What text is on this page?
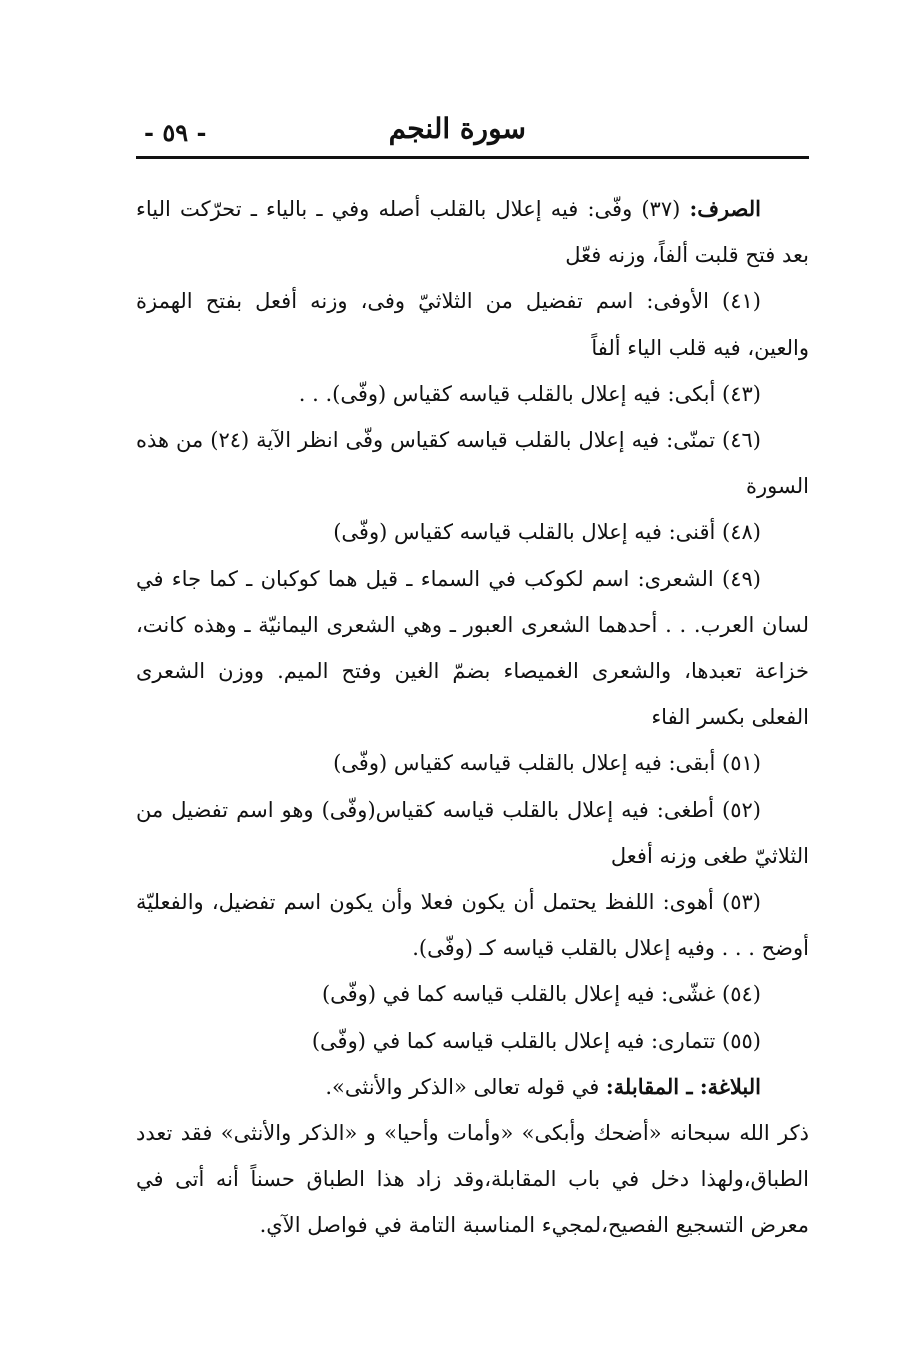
سورة النجم
- ٥٩ -

الصرف: (٣٧) وفّى: فيه إعلال بالقلب أصله وفي ـ بالياء ـ تحرّكت الياء بعد فتح قلبت ألفاً، وزنه فعّل

(٤١) الأوفى: اسم تفضيل من الثلاثيّ وفى، وزنه أفعل بفتح الهمزة والعين، فيه قلب الياء ألفاً

(٤٣) أبكى: فيه إعلال بالقلب قياسه كقياس (وفّى). . .

(٤٦) تمنّى: فيه إعلال بالقلب قياسه كقياس وفّى انظر الآية (٢٤) من هذه السورة

(٤٨) أقنى: فيه إعلال بالقلب قياسه كقياس (وفّى)

(٤٩) الشعرى: اسم لكوكب في السماء ـ قيل هما كوكبان ـ كما جاء في لسان العرب. . . أحدهما الشعرى العبور ـ وهي الشعرى اليمانيّة ـ وهذه كانت، خزاعة تعبدها، والشعرى الغميصاء بضمّ الغين وفتح الميم. ووزن الشعرى الفعلى بكسر الفاء

(٥١) أبقى: فيه إعلال بالقلب قياسه كقياس (وفّى)

(٥٢) أطغى: فيه إعلال بالقلب قياسه كقياس(وفّى) وهو اسم تفضيل من الثلاثيّ طغى وزنه أفعل

(٥٣) أهوى: اللفظ يحتمل أن يكون فعلا وأن يكون اسم تفضيل، والفعليّة أوضح . . . وفيه إعلال بالقلب قياسه كـ (وفّى).

(٥٤) غشّى: فيه إعلال بالقلب قياسه كما في (وفّى)

(٥٥) تتمارى: فيه إعلال بالقلب قياسه كما في (وفّى)

البلاغة: ـ المقابلة: في قوله تعالى «الذكر والأنثى».

ذكر الله سبحانه «أضحك وأبكى» «وأمات وأحيا» و «الذكر والأنثى» فقد تعدد الطباق،ولهذا دخل في باب المقابلة،وقد زاد هذا الطباق حسناً أنه أتى في معرض التسجيع الفصيح،لمجيء المناسبة التامة في فواصل الآي.
